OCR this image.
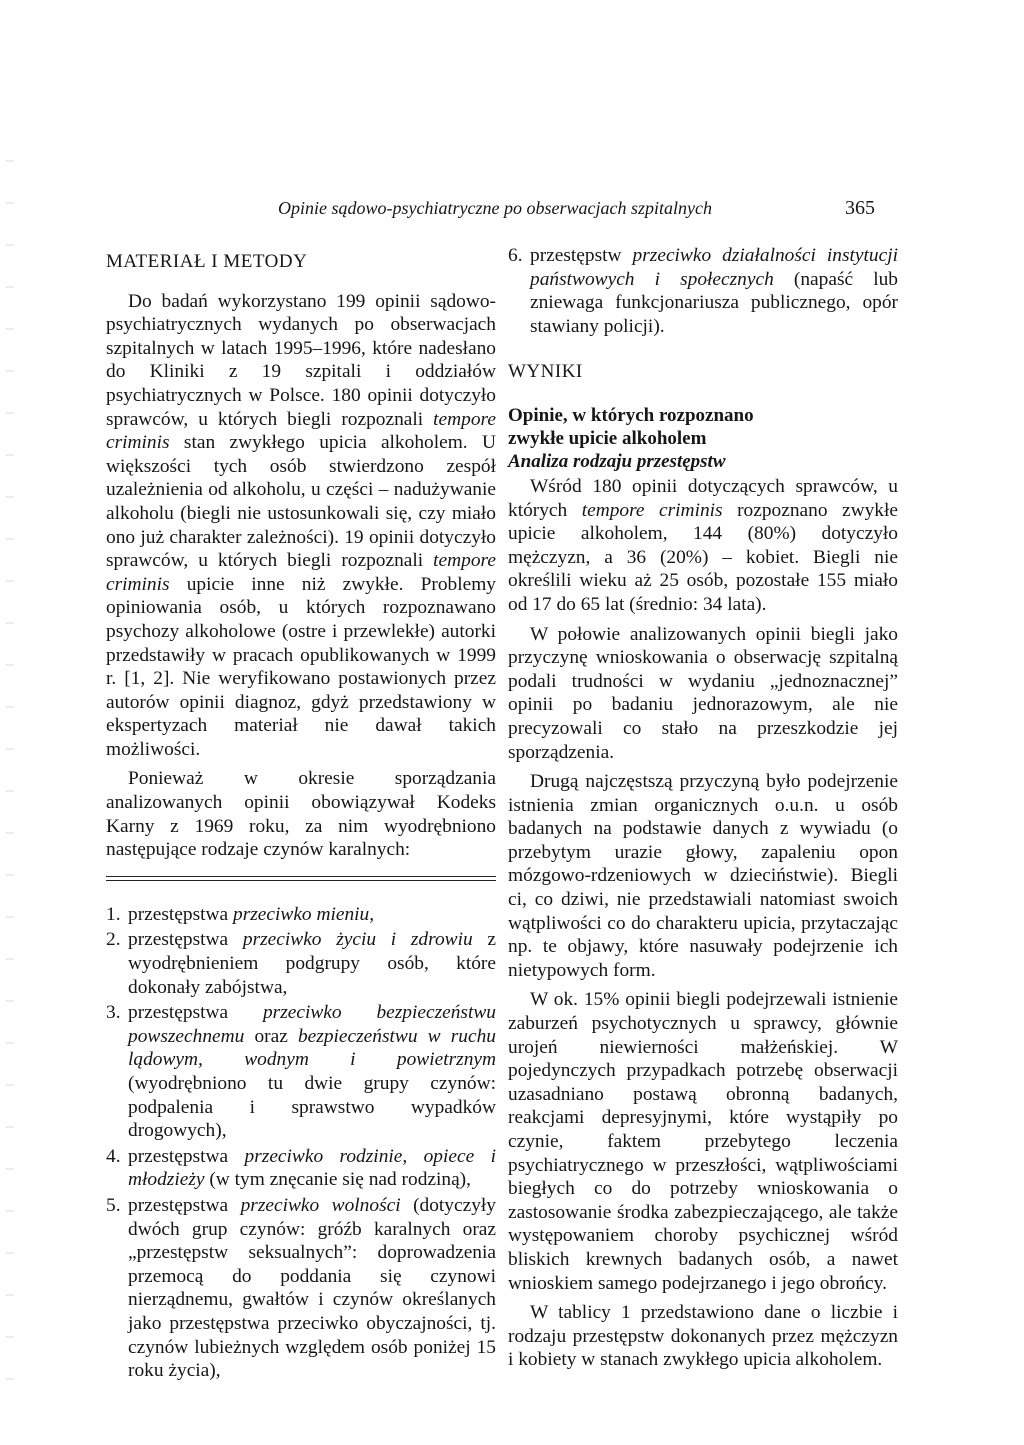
Opinie sądowo-psychiatryczne po obserwacjach szpitalnych	365
MATERIAŁ I METODY

Do badań wykorzystano 199 opinii sądowo-psychiatrycznych wydanych po obserwacjach szpitalnych w latach 1995–1996, które nadesłano do Kliniki z 19 szpitali i oddziałów psychiatrycznych w Polsce. 180 opinii dotyczyło sprawców, u których biegli rozpoznali tempore criminis stan zwykłego upicia alkoholem. U większości tych osób stwierdzono zespół uzależnienia od alkoholu, u części – nadużywanie alkoholu (biegli nie ustosunkowali się, czy miało ono już charakter zależności). 19 opinii dotyczyło sprawców, u których biegli rozpoznali tempore criminis upicie inne niż zwykłe. Problemy opiniowania osób, u których rozpoznawano psychozy alkoholowe (ostre i przewlekłe) autorki przedstawiły w pracach opublikowanych w 1999 r. [1, 2]. Nie weryfikowano postawionych przez autorów opinii diagnoz, gdyż przedstawiony w ekspertyzach materiał nie dawał takich możliwości.

Ponieważ w okresie sporządzania analizowanych opinii obowiązywał Kodeks Karny z 1969 roku, za nim wyodrębniono następujące rodzaje czynów karalnych:

1. przestępstwa przeciwko mieniu,
2. przestępstwa przeciwko życiu i zdrowiu z wyodrębnieniem podgrupy osób, które dokonały zabójstwa,
3. przestępstwa przeciwko bezpieczeństwu powszechnemu oraz bezpieczeństwu w ruchu lądowym, wodnym i powietrznym (wyodrębniono tu dwie grupy czynów: podpalenia i sprawstwo wypadków drogowych),
4. przestępstwa przeciwko rodzinie, opiece i młodzieży (w tym znęcanie się nad rodziną),
5. przestępstwa przeciwko wolności (dotyczyły dwóch grup czynów: gróźb karalnych oraz „przestępstw seksualnych”: doprowadzenia przemocą do poddania się czynowi nierządnemu, gwałtów i czynów określanych jako przestępstwa przeciwko obyczajności, tj. czynów lubieżnych względem osób poniżej 15 roku życia),
6. przestępstw przeciwko działalności instytucji państwowych i społecznych (napaść lub zniewaga funkcjonariusza publicznego, opór stawiany policji).
WYNIKI
Opinie, w których rozpoznano
zwykłe upicie alkoholem
Analiza rodzaju przestępstw

Wśród 180 opinii dotyczących sprawców, u których tempore criminis rozpoznano zwykłe upicie alkoholem, 144 (80%) dotyczyło mężczyzn, a 36 (20%) – kobiet. Biegli nie określili wieku aż 25 osób, pozostałe 155 miało od 17 do 65 lat (średnio: 34 lata).

W połowie analizowanych opinii biegli jako przyczynę wnioskowania o obserwację szpitalną podali trudności w wydaniu „jednoznacznej” opinii po badaniu jednorazowym, ale nie precyzowali co stało na przeszkodzie jej sporządzenia.

Drugą najczęstszą przyczyną było podejrzenie istnienia zmian organicznych o.u.n. u osób badanych na podstawie danych z wywiadu (o przebytym urazie głowy, zapaleniu opon mózgowo-rdzeniowych w dzieciństwie). Biegli ci, co dziwi, nie przedstawiali natomiast swoich wątpliwości co do charakteru upicia, przytaczając np. te objawy, które nasuwały podejrzenie ich nietypowych form.

W ok. 15% opinii biegli podejrzewali istnienie zaburzeń psychotycznych u sprawcy, głównie urojeń niewierności małżeńskiej. W pojedynczych przypadkach potrzebę obserwacji uzasadniano postawą obronną badanych, reakcjami depresyjnymi, które wystąpiły po czynie, faktem przebytego leczenia psychiatrycznego w przeszłości, wątpliwościami biegłych co do potrzeby wnioskowania o zastosowanie środka zabezpieczającego, ale także występowaniem choroby psychicznej wśród bliskich krewnych badanych osób, a nawet wnioskiem samego podejrzanego i jego obrońcy.

W tablicy 1 przedstawiono dane o liczbie i rodzaju przestępstw dokonanych przez mężczyzn i kobiety w stanach zwykłego upicia alkoholem.
